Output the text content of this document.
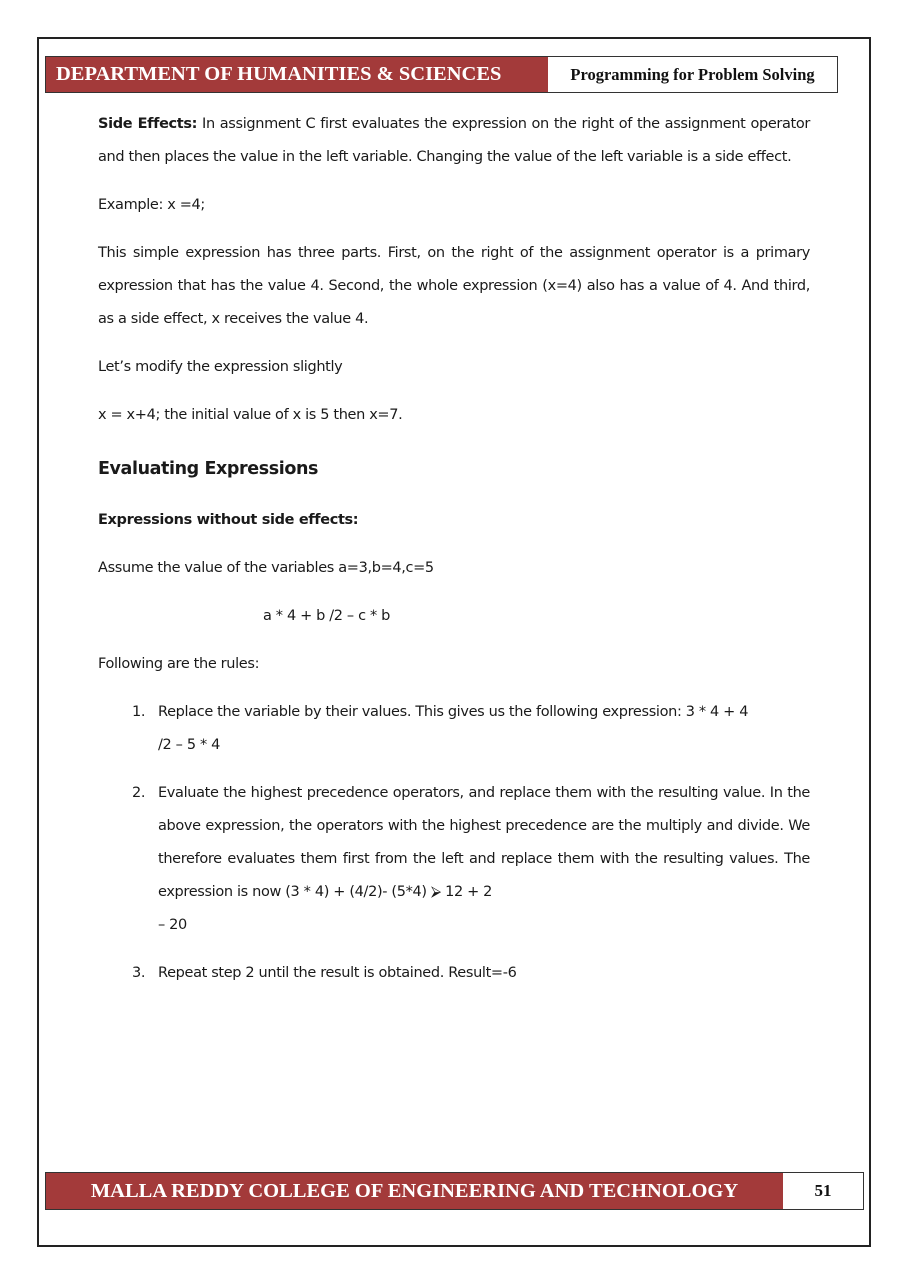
DEPARTMENT OF HUMANITIES & SCIENCES	Programming for Problem Solving

Side Effects: In assignment C first evaluates the expression on the right of the assignment operator and then places the value in the left variable. Changing the value of the left variable is a side effect.

Example: x =4;

This simple expression has three parts. First, on the right of the assignment operator is a primary expression that has the value 4. Second, the whole expression (x=4) also has a value of 4. And third, as a side effect, x receives the value 4.

Let’s modify the expression slightly

x = x+4; the initial value of x is 5 then x=7.

Evaluating Expressions

Expressions without side effects:

Assume the value of the variables a=3,b=4,c=5

a * 4 + b /2 – c * b

Following are the rules:

1. Replace the variable by their values. This gives us the following expression: 3 * 4 + 4
/2 – 5 * 4
2. Evaluate the highest precedence operators, and replace them with the resulting value. In the above expression, the operators with the highest precedence are the multiply and divide. We therefore evaluates them first from the left and replace them with the resulting values. The expression is now (3 * 4) + (4/2)- (5*4) ⮚ 12 + 2
– 20
3. Repeat step 2 until the result is obtained. Result=-6
MALLA REDDY COLLEGE OF ENGINEERING AND TECHNOLOGY	51
